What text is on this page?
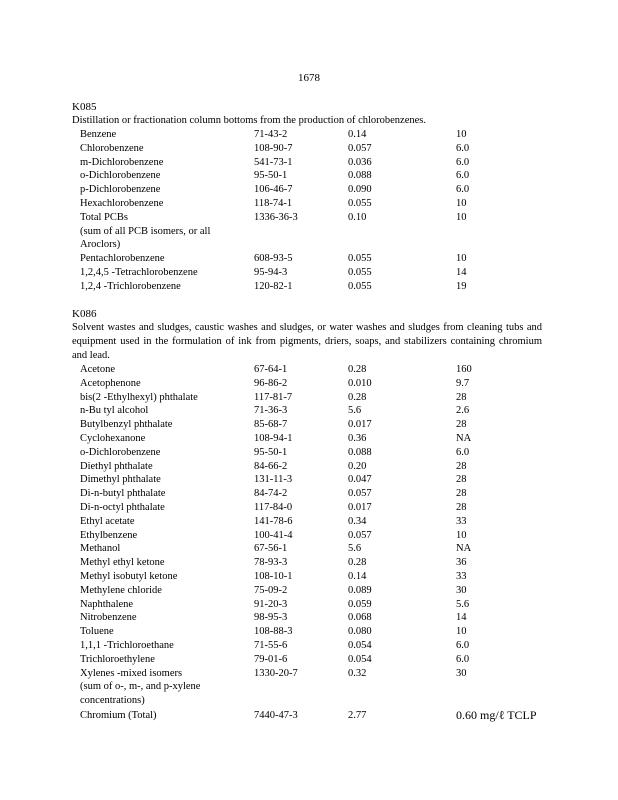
1678
K085

Distillation or fractionation column bottoms from the production of chlorobenzenes.

Benzene	71-43-2	0.14	10
Chlorobenzene	108-90-7	0.057	6.0
m-Dichlorobenzene	541-73-1	0.036	6.0
o-Dichlorobenzene	95-50-1	0.088	6.0
p-Dichlorobenzene	106-46-7	0.090	6.0
Hexachlorobenzene	118-74-1	0.055	10
Total PCBs	1336-36-3	0.10	10
(sum of all PCB isomers, or all
Aroclors)
Pentachlorobenzene	608-93-5	0.055	10
1,2,4,5 -Tetrachlorobenzene	95-94-3	0.055	14
1,2,4 -Trichlorobenzene	120-82-1	0.055	19
K086

Solvent wastes and sludges, caustic washes and sludges, or water washes and sludges from cleaning tubs and equipment used in the formulation of ink from pigments, driers, soaps, and stabilizers containing chromium and lead.

Acetone	67-64-1	0.28	160
Acetophenone	96-86-2	0.010	9.7
bis(2 -Ethylhexyl) phthalate	117-81-7	0.28	28
n-Bu tyl alcohol	71-36-3	5.6	2.6
Butylbenzyl phthalate	85-68-7	0.017	28
Cyclohexanone	108-94-1	0.36	NA
o-Dichlorobenzene	95-50-1	0.088	6.0
Diethyl phthalate	84-66-2	0.20	28
Dimethyl phthalate	131-11-3	0.047	28
Di-n-butyl phthalate	84-74-2	0.057	28
Di-n-octyl phthalate	117-84-0	0.017	28
Ethyl acetate	141-78-6	0.34	33
Ethylbenzene	100-41-4	0.057	10
Methanol	67-56-1	5.6	NA
Methyl ethyl ketone	78-93-3	0.28	36
Methyl isobutyl ketone	108-10-1	0.14	33
Methylene chloride	75-09-2	0.089	30
Naphthalene	91-20-3	0.059	5.6
Nitrobenzene	98-95-3	0.068	14
Toluene	108-88-3	0.080	10
1,1,1 -Trichloroethane	71-55-6	0.054	6.0
Trichloroethylene	79-01-6	0.054	6.0
Xylenes -mixed isomers	1330-20-7	0.32	30
(sum of o-, m-, and p-xylene
concentrations)
Chromium (Total)	7440-47-3	2.77	0.60 mg/ℓ TCLP
